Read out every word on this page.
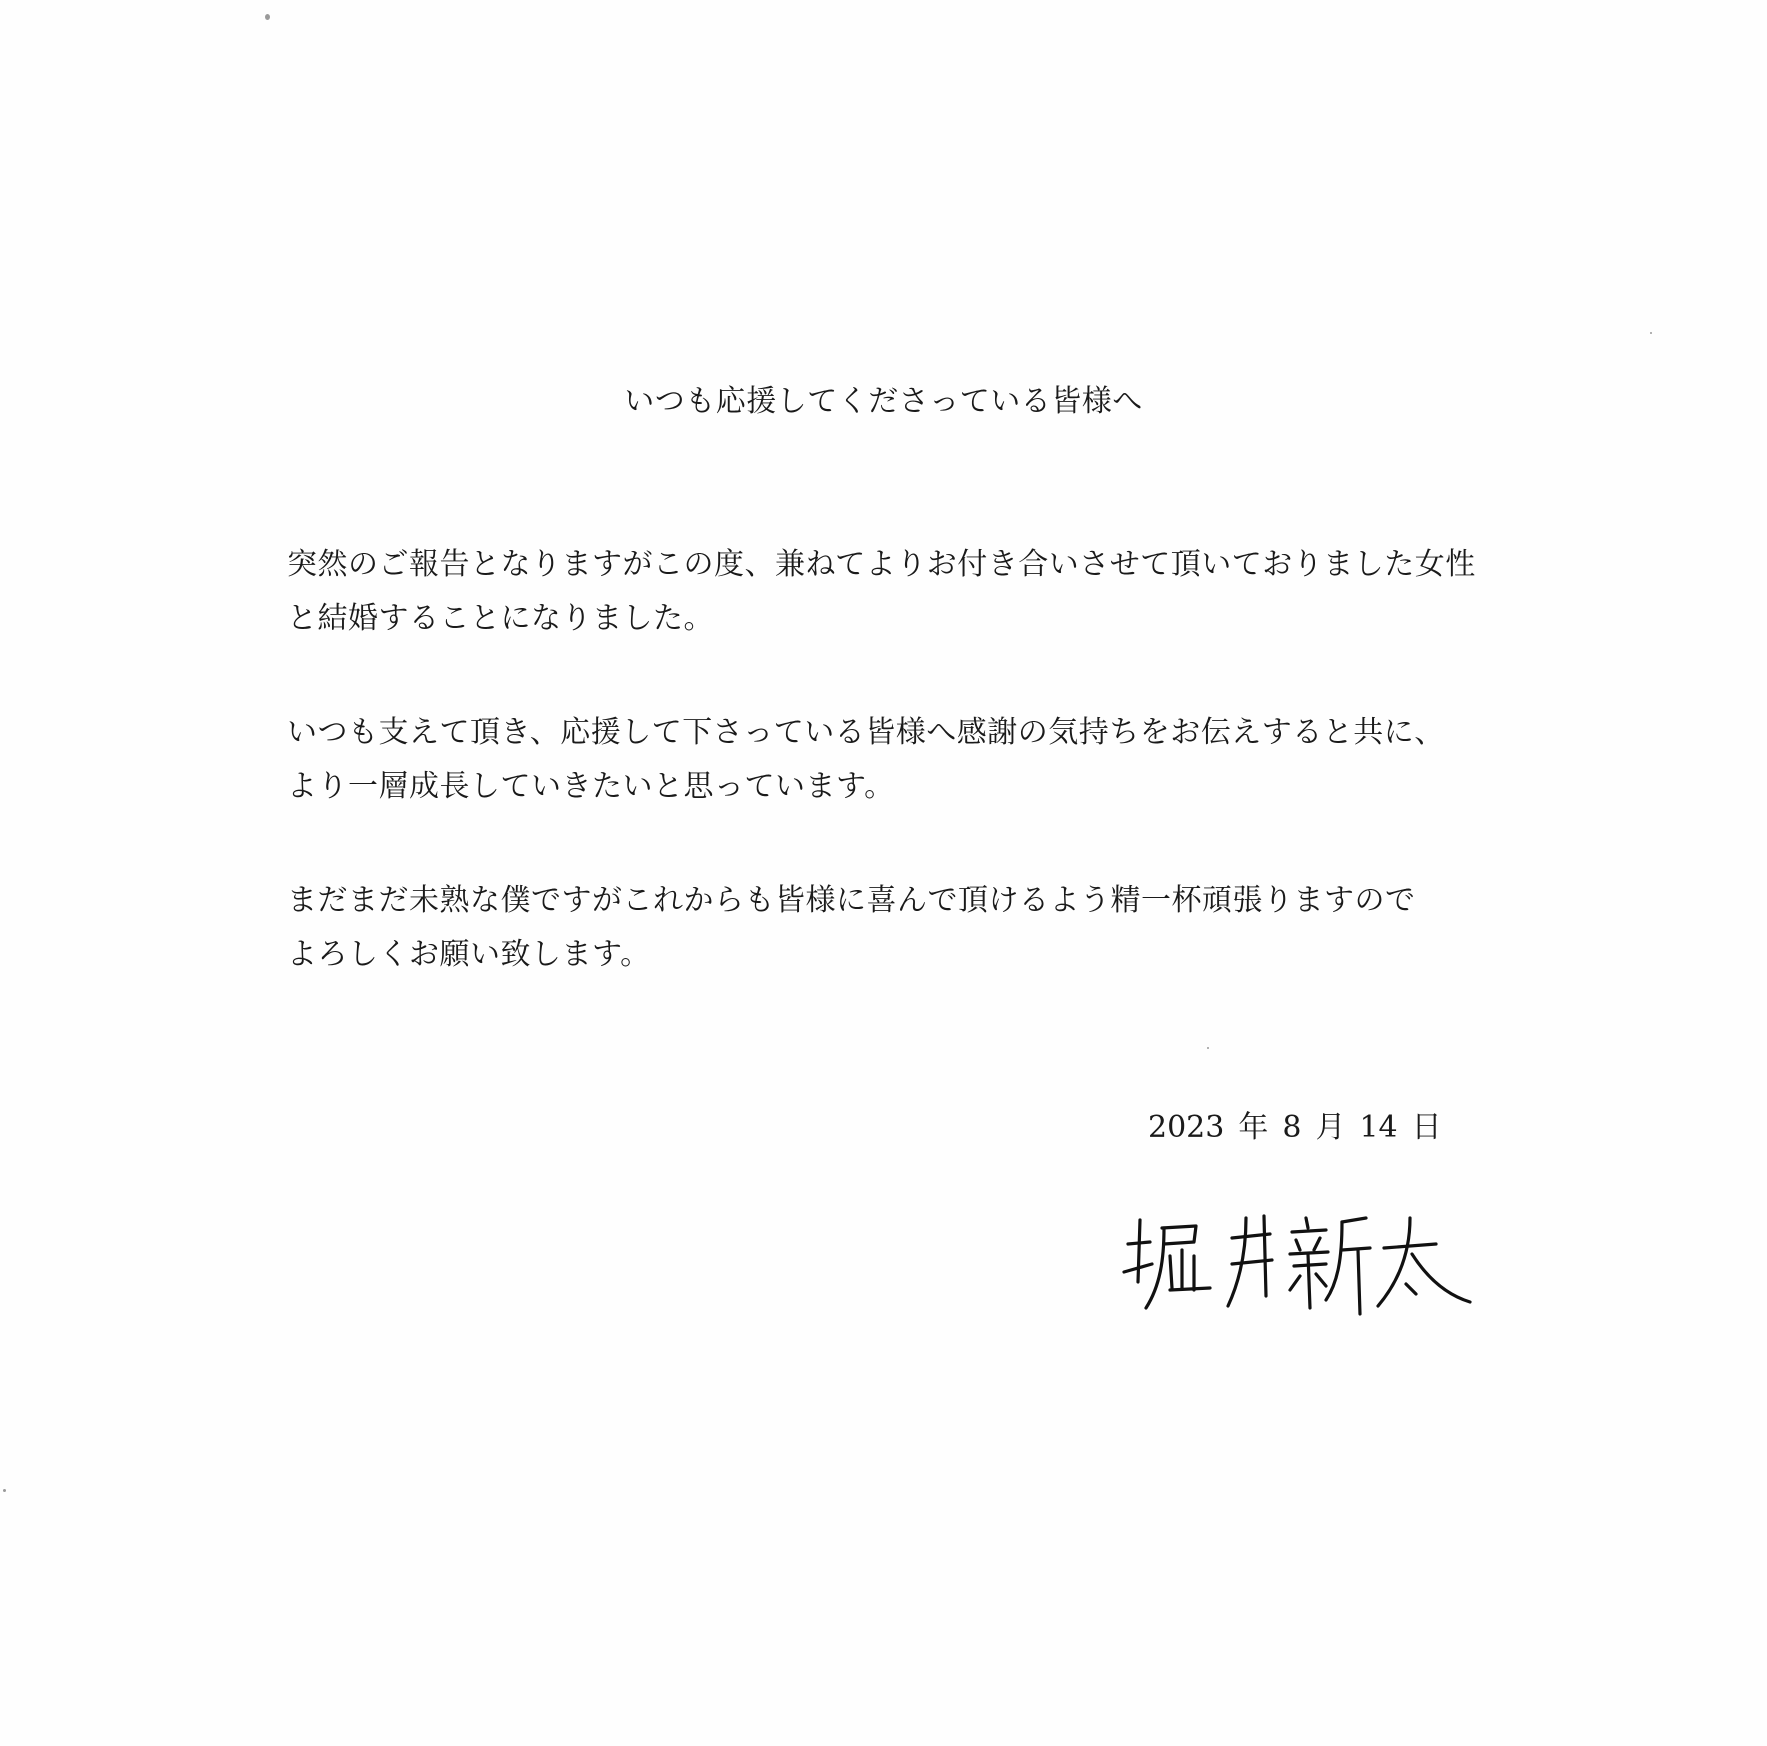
いつも応援してくださっている皆様へ

突然のご報告となりますがこの度、兼ねてよりお付き合いさせて頂いておりました女性
と結婚することになりました。

いつも支えて頂き、応援して下さっている皆様へ感謝の気持ちをお伝えすると共に、
より一層成長していきたいと思っています。

まだまだ未熟な僕ですがこれからも皆様に喜んで頂けるよう精一杯頑張りますので
よろしくお願い致します。

2023 年 8 月 14 日
